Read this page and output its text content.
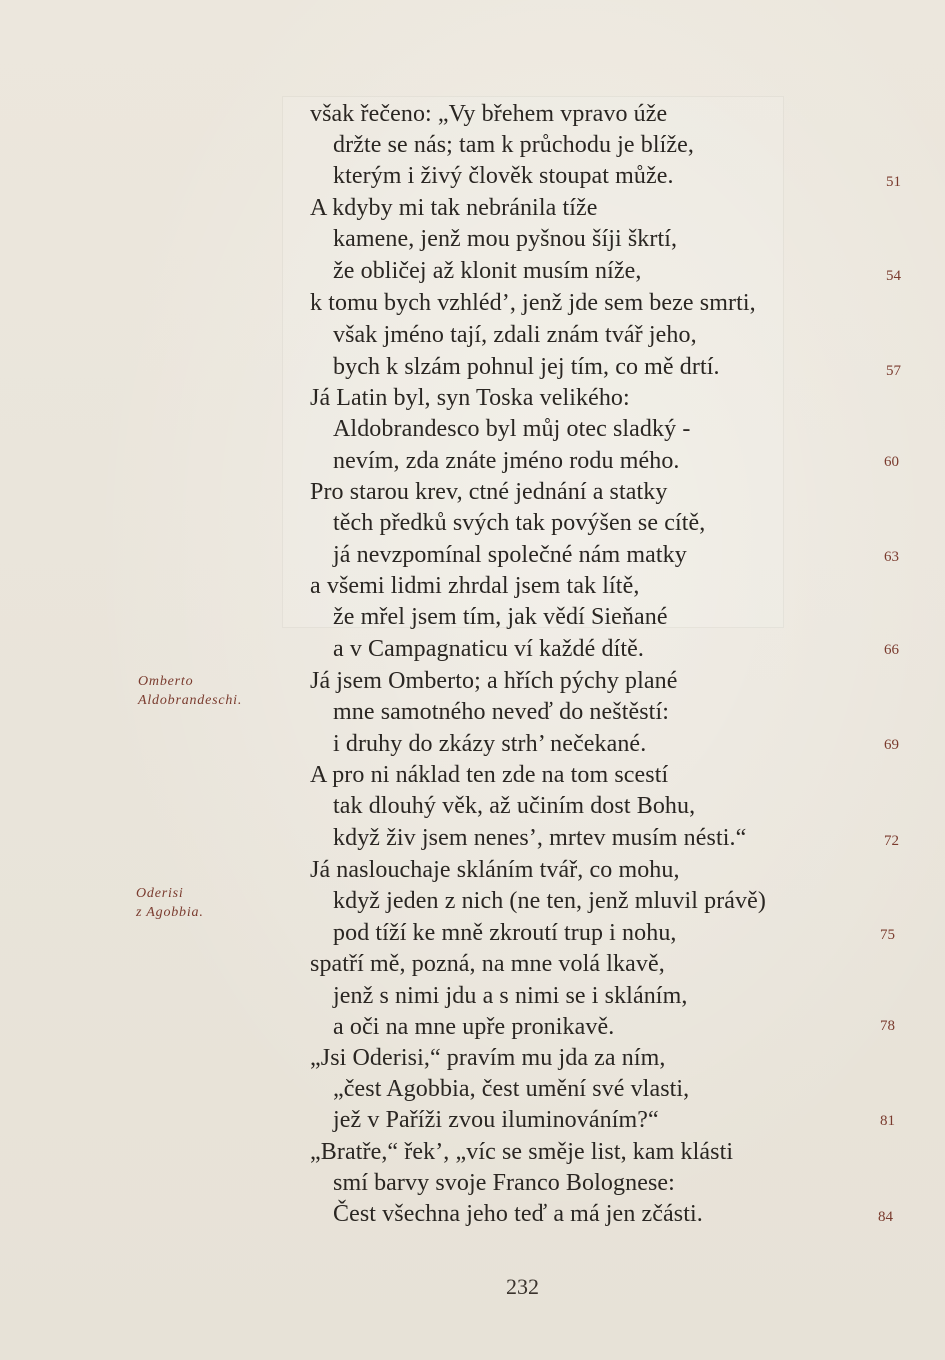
však řečeno: „Vy břehem vpravo úže
držte se nás; tam k průchodu je blíže,
kterým i živý člověk stoupat může.
A kdyby mi tak nebránila tíže
kamene, jenž mou pyšnou šíji škrtí,
že obličej až klonit musím níže,
k tomu bych vzhléd’, jenž jde sem beze smrti,
však jméno tají, zdali znám tvář jeho,
bych k slzám pohnul jej tím, co mě drtí.
Já Latin byl, syn Toska velikého:
Aldobrandesco byl můj otec sladký -
nevím, zda znáte jméno rodu mého.
Pro starou krev, ctné jednání a statky
těch předků svých tak povýšen se cítě,
já nevzpomínal společné nám matky
a všemi lidmi zhrdal jsem tak lítě,
že mřel jsem tím, jak vědí Sieňané
a v Campagnaticu ví každé dítě.
Já jsem Omberto; a hřích pýchy plané
mne samotného neveď do neštěstí:
i druhy do zkázy strh’ nečekané.
A pro ni náklad ten zde na tom scestí
tak dlouhý věk, až učiním dost Bohu,
když živ jsem nenes’, mrtev musím nésti.“
Já naslouchaje skláním tvář, co mohu,
když jeden z nich (ne ten, jenž mluvil právě)
pod tíží ke mně zkroutí trup i nohu,
spatří mě, pozná, na mne volá lkavě,
jenž s nimi jdu a s nimi se i skláním,
a oči na mne upře pronikavě.
„Jsi Oderisi,“ pravím mu jda za ním,
„čest Agobbia, čest umění své vlasti,
jež v Paříži zvou iluminováním?“
„Bratře,“ řek’, „víc se směje list, kam klásti
smí barvy svoje Franco Bolognese:
Čest všechna jeho teď a má jen zčásti.
51
54
57
60
63
66
69
72
75
78
81
84
Omberto
Aldobrandeschi.
Oderisi
z Agobbia.
232
